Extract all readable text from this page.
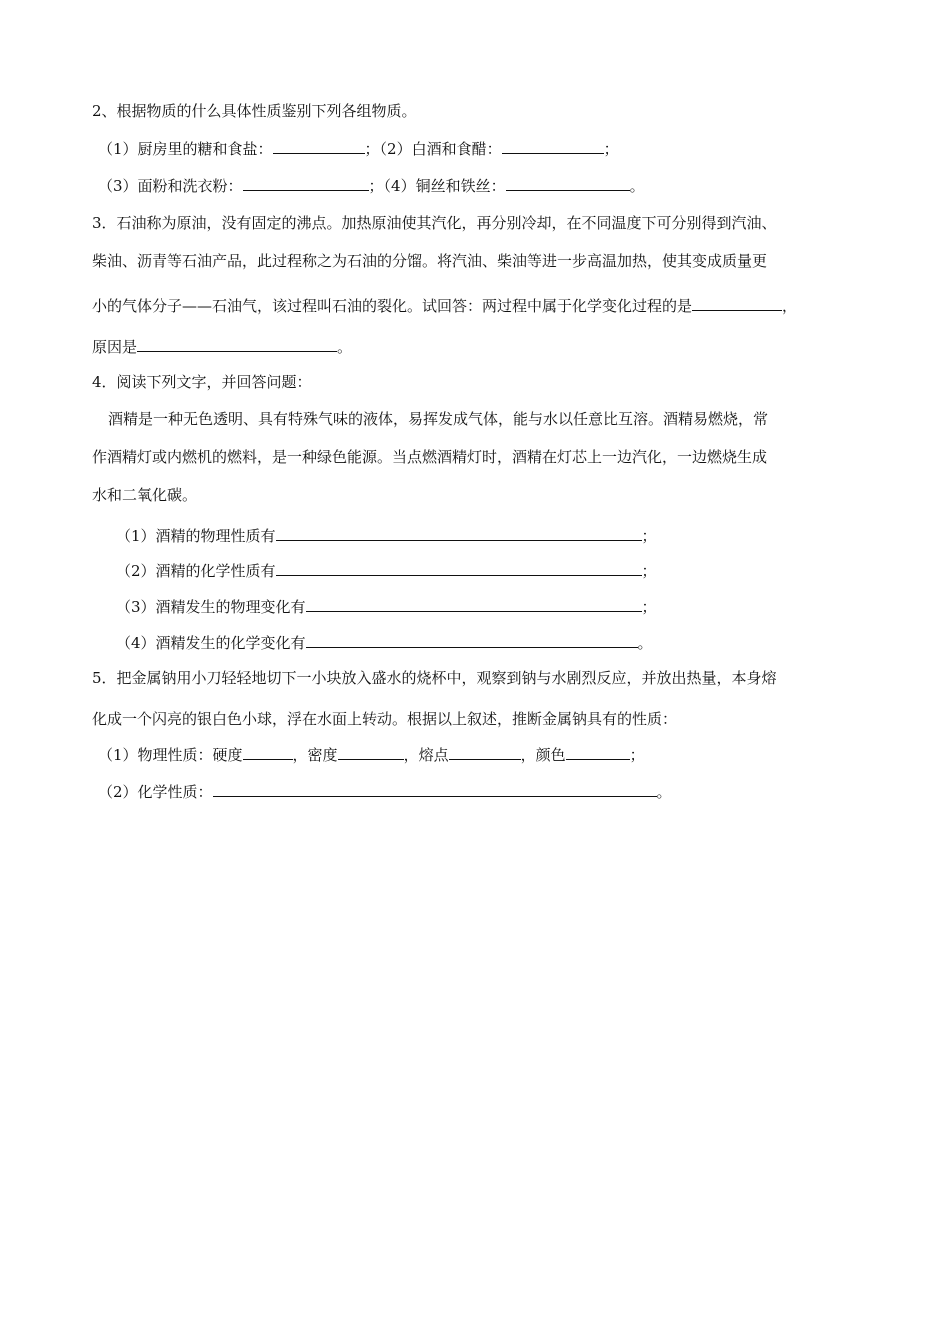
2、根据物质的什么具体性质鉴别下列各组物质。
（1）厨房里的糖和食盐：	；（2）白酒和食醋：	；
（3）面粉和洗衣粉：	；（4）铜丝和铁丝：	。
3．石油称为原油，没有固定的沸点。加热原油使其汽化，再分别冷却，在不同温度下可分别得到汽油、
柴油、沥青等石油产品，此过程称之为石油的分馏。将汽油、柴油等进一步高温加热，使其变成质量更
小的气体分子——石油气，该过程叫石油的裂化。试回答：两过程中属于化学变化过程的是	，
原因是	。
4．阅读下列文字，并回答问题：
酒精是一种无色透明、具有特殊气味的液体，易挥发成气体，能与水以任意比互溶。酒精易燃烧，常
作酒精灯或内燃机的燃料，是一种绿色能源。当点燃酒精灯时，酒精在灯芯上一边汽化，一边燃烧生成
水和二氧化碳。
（1）酒精的物理性质有	；
（2）酒精的化学性质有	；
（3）酒精发生的物理变化有	；
（4）酒精发生的化学变化有	。
5．把金属钠用小刀轻轻地切下一小块放入盛水的烧杯中，观察到钠与水剧烈反应，并放出热量，本身熔
化成一个闪亮的银白色小球，浮在水面上转动。根据以上叙述，推断金属钠具有的性质：
（1）物理性质：硬度	，密度	，熔点	，颜色	；
（2）化学性质：	。
